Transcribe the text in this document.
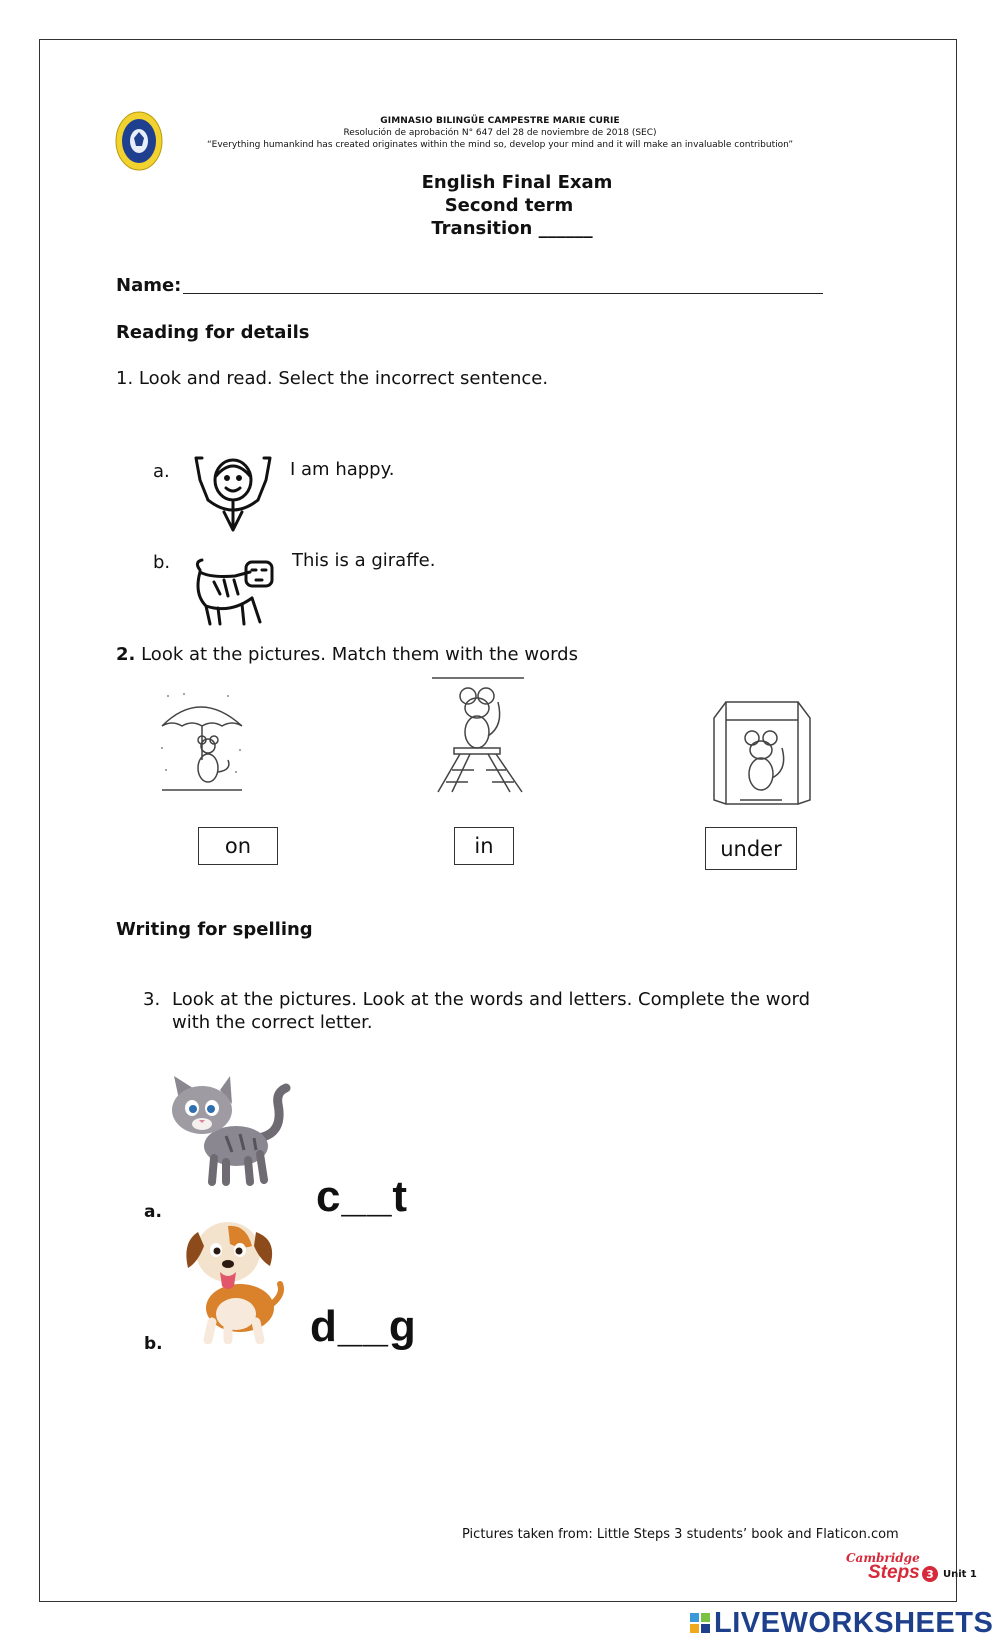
GIMNASIO BILINGÜE CAMPESTRE MARIE CURIE
Resolución de aprobación N° 647 del 28 de noviembre de 2018 (SEC)
“Everything humankind has created originates within the mind so, develop your mind and it will make an invaluable contribution”
English Final Exam
Second term
Transition ______
Name:
Reading for details
1. Look and read. Select the incorrect sentence.
a.	I am happy.
b.	This is a giraffe.
2. Look at the pictures. Match them with the words
on	in	under
Writing for spelling
3. Look at the pictures. Look at the words and letters. Complete the word
with the correct letter.
a.	c__t
b.	d__g
Pictures taken from: Little Steps 3 students’ book and Flaticon.com
Cambridge
Steps 3 Unit 1
LIVEWORKSHEETS
